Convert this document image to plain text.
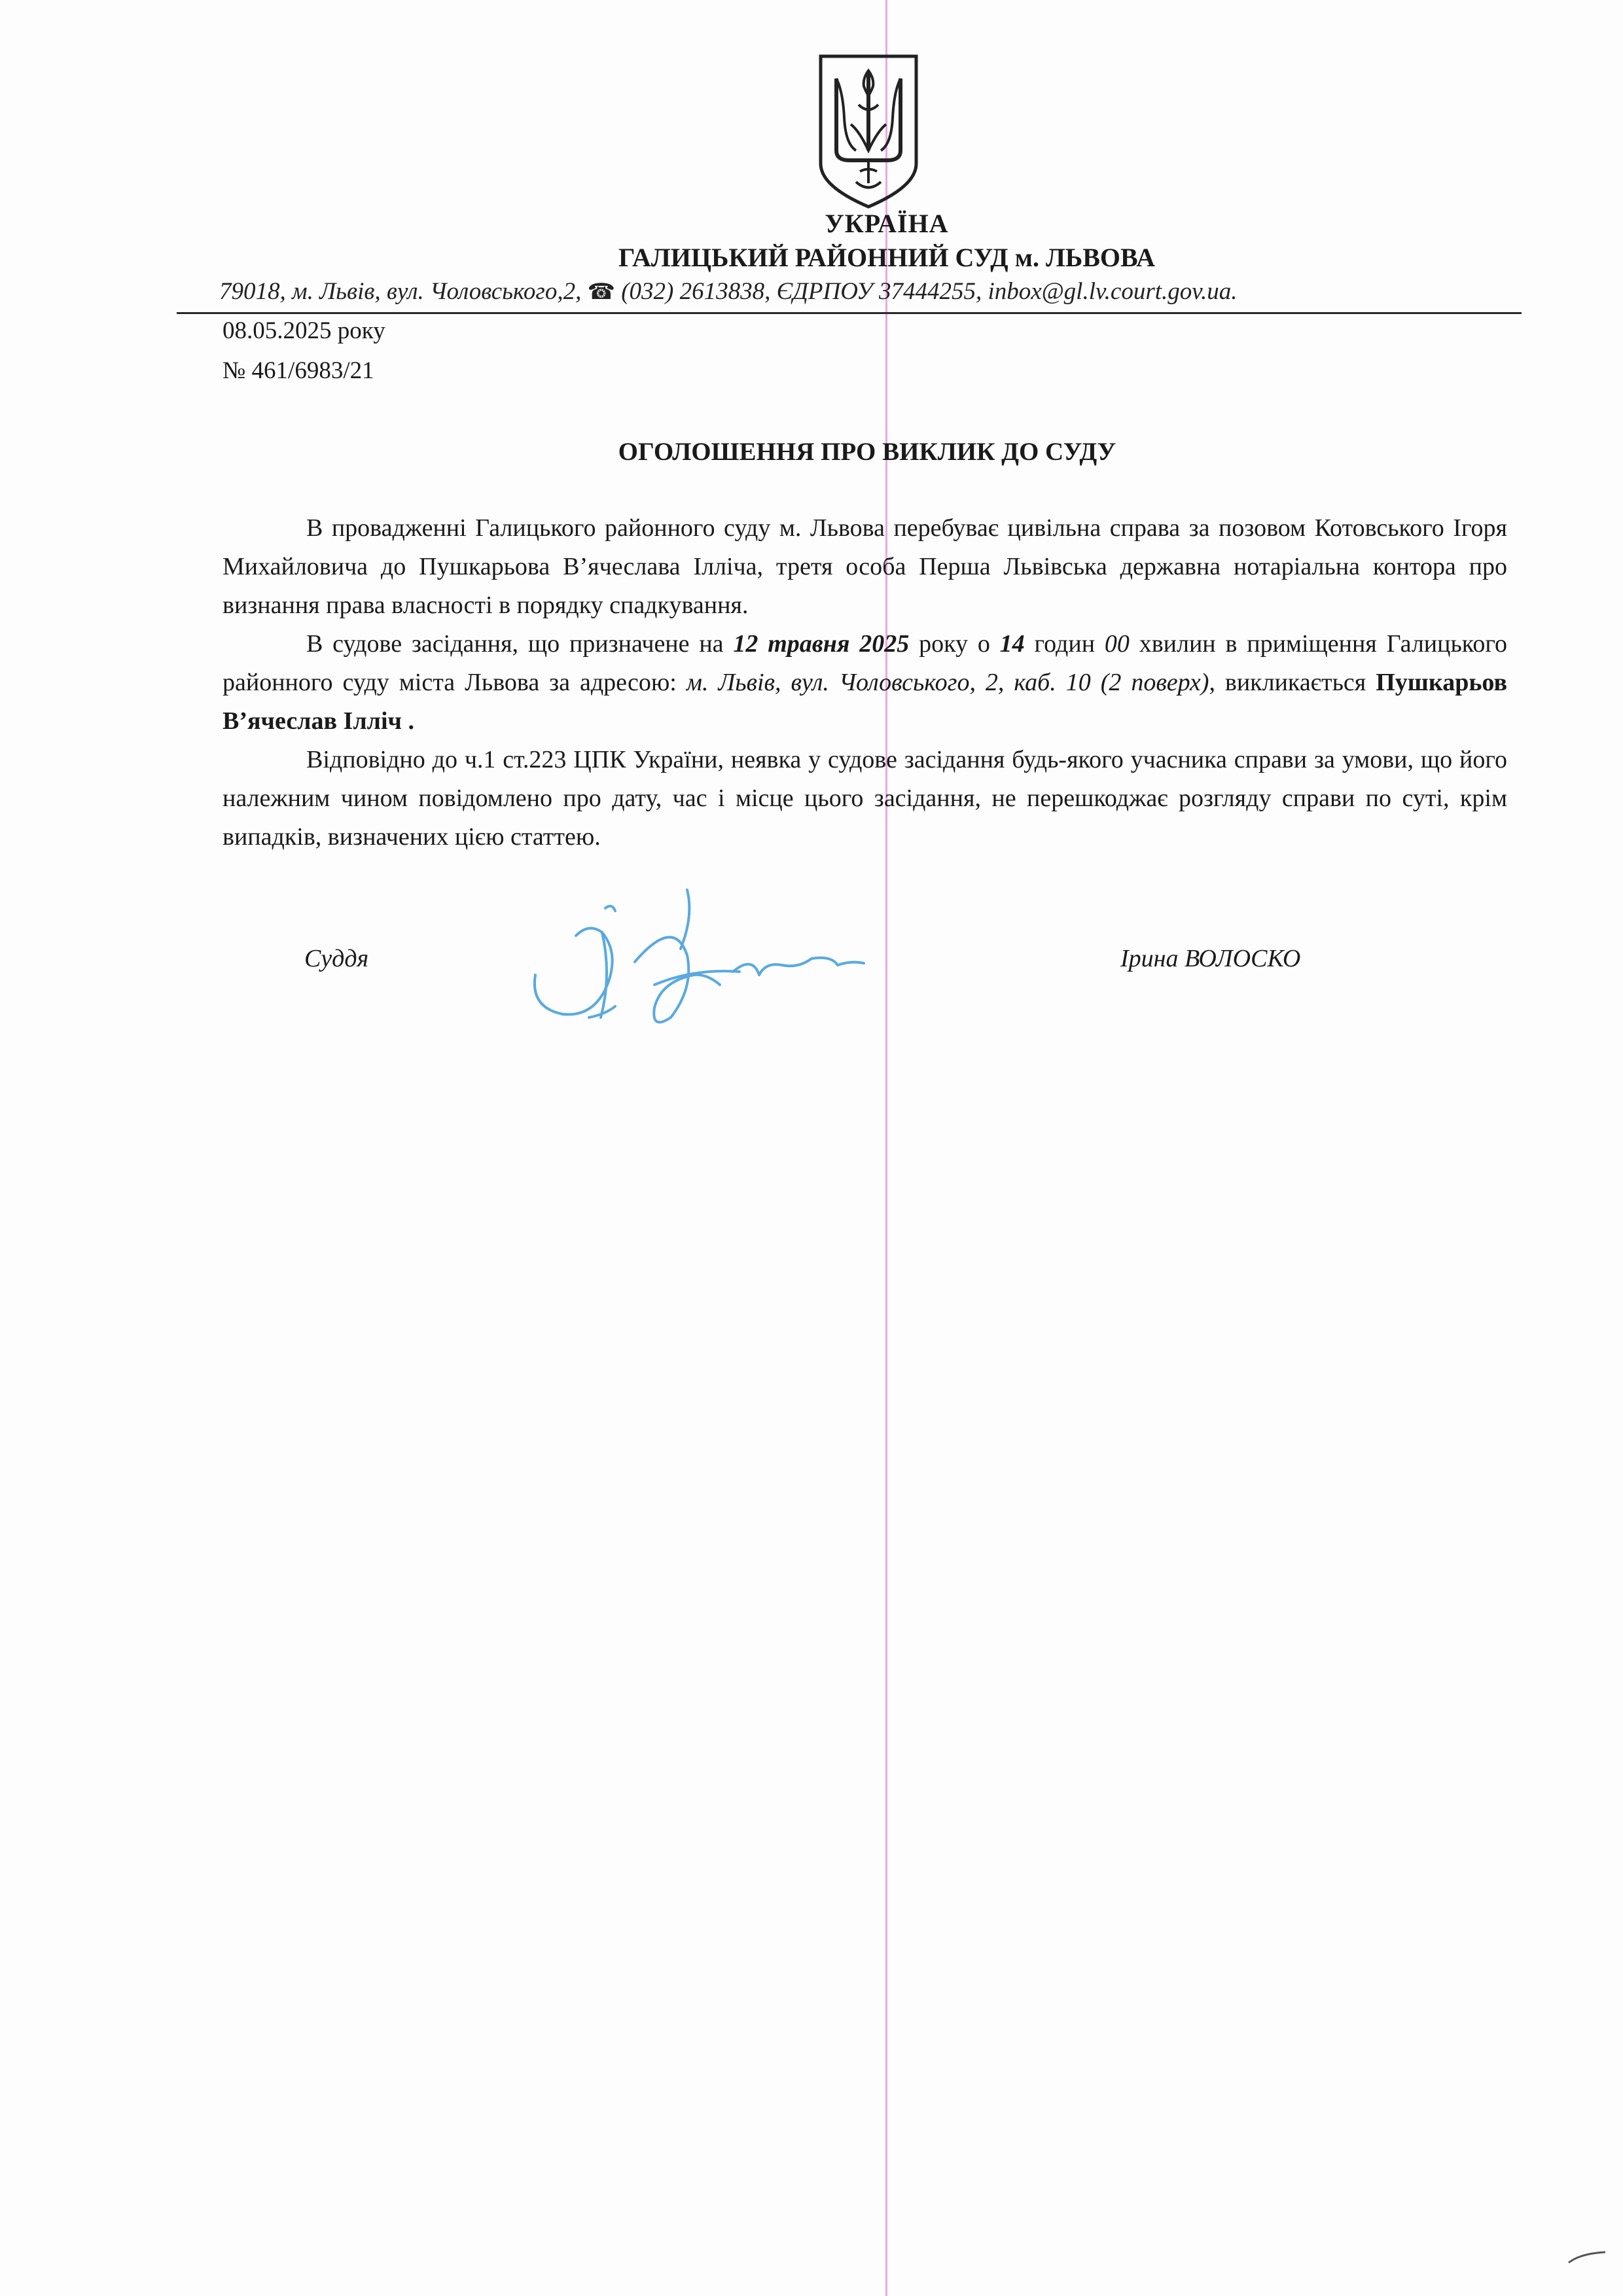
УКРАЇНА
ГАЛИЦЬКИЙ РАЙОННИЙ СУД м. ЛЬВОВА
79018, м. Львів, вул. Чоловського,2, ☎ (032) 2613838, ЄДРПОУ 37444255, inbox@gl.lv.court.gov.ua.
08.05.2025 року
№ 461/6983/21
ОГОЛОШЕННЯ ПРО ВИКЛИК ДО СУДУ

В провадженні Галицького районного суду м. Львова перебуває цивільна справа за позовом Котовського Ігоря Михайловича до Пушкарьова В’ячеслава Ілліча, третя особа Перша Львівська державна нотаріальна контора про визнання права власності в порядку спадкування.

В судове засідання, що призначене на 12 травня 2025 року о 14 годин 00 хвилин в приміщення Галицького районного суду міста Львова за адресою: м. Львів, вул. Чоловського, 2, каб. 10 (2 поверх), викликається Пушкарьов В’ячеслав Ілліч .

Відповідно до ч.1 ст.223 ЦПК України, неявка у судове засідання будь-якого учасника справи за умови, що його належним чином повідомлено про дату, час і місце цього засідання, не перешкоджає розгляду справи по суті, крім випадків, визначених цією статтею.

Суддя	Ірина ВОЛОСКО
